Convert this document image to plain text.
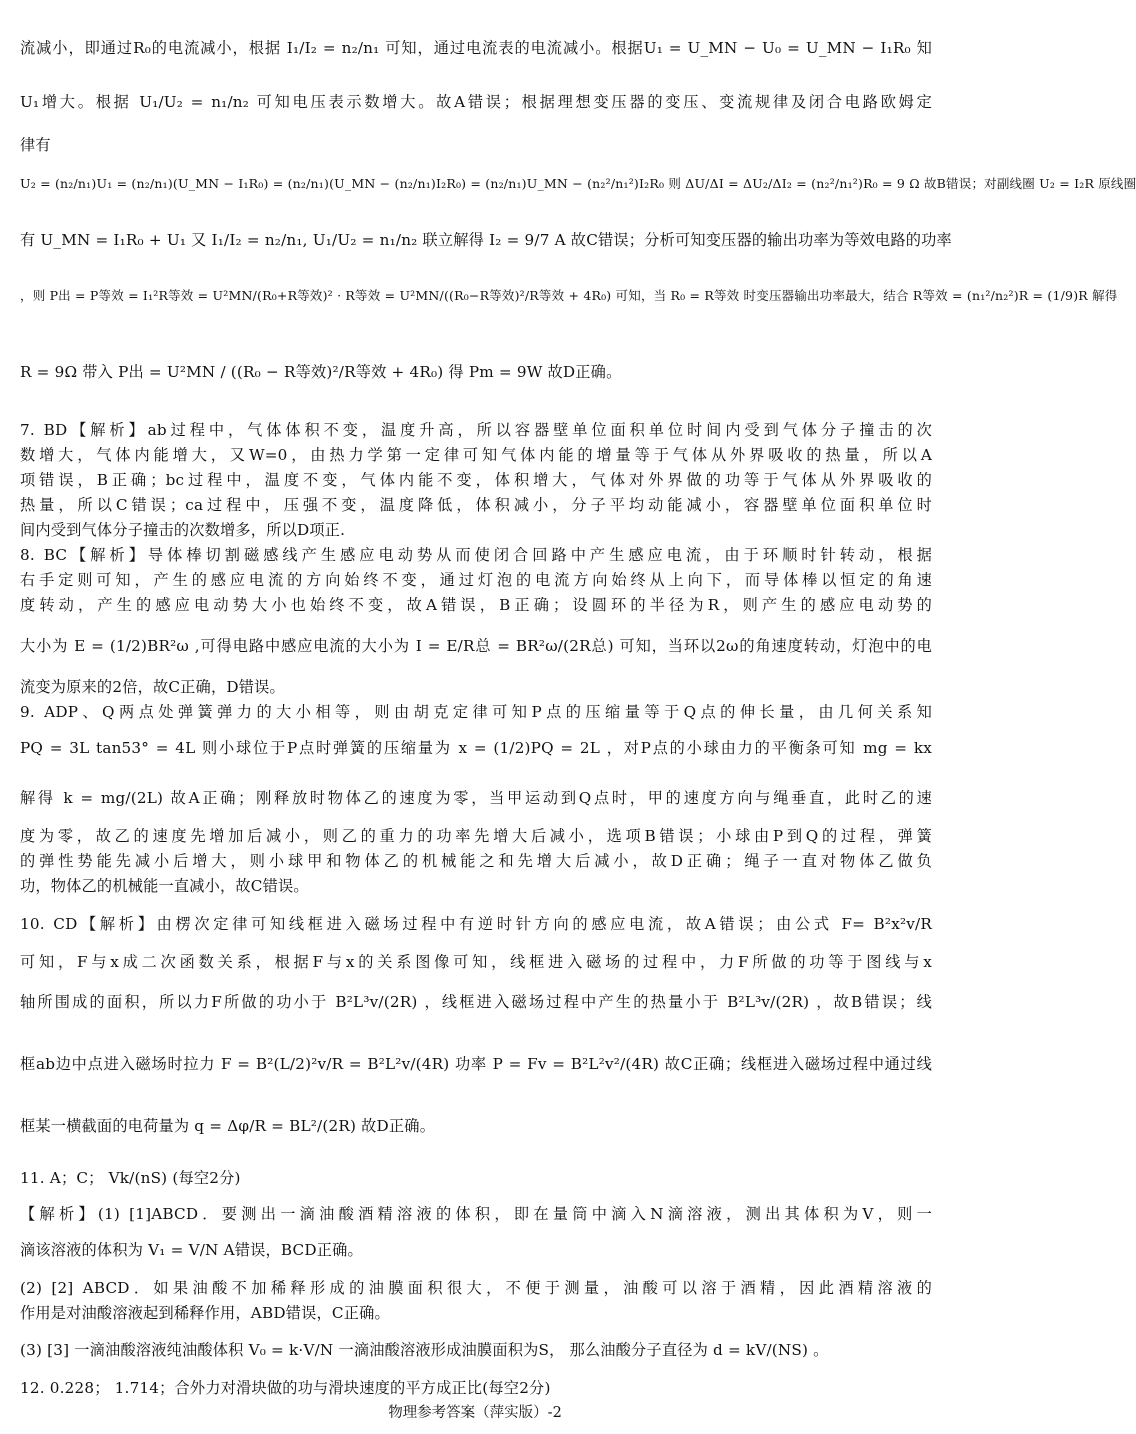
流减小，即通过R₀的电流减小，根据 I₁/I₂ = n₂/n₁ 可知，通过电流表的电流减小。根据U₁ = U_MN − U₀ = U_MN − I₁R₀ 知
U₁增大。根据 U₁/U₂ = n₁/n₂ 可知电压表示数增大。故A错误；根据理想变压器的变压、变流规律及闭合电路欧姆定
律有
U₂ = (n₂/n₁)U₁ = (n₂/n₁)(U_MN − I₁R₀) = (n₂/n₁)(U_MN − (n₂/n₁)I₂R₀) = (n₂/n₁)U_MN − (n₂²/n₁²)I₂R₀ 则 ΔU/ΔI = ΔU₂/ΔI₂ = (n₂²/n₁²)R₀ = 9 Ω 故B错误；对副线圈 U₂ = I₂R 原线圈
有 U_MN = I₁R₀ + U₁ 又 I₁/I₂ = n₂/n₁, U₁/U₂ = n₁/n₂ 联立解得 I₂ = 9/7 A 故C错误；分析可知变压器的输出功率为等效电路的功率
，则 P出 = P等效 = I₁²R等效 = U²MN/(R₀+R等效)² · R等效 = U²MN/((R₀−R等效)²/R等效 + 4R₀) 可知，当 R₀ = R等效 时变压器输出功率最大，结合 R等效 = (n₁²/n₂²)R = (1/9)R 解得
R = 9Ω 带入 P出 = U²MN / ((R₀ − R等效)²/R等效 + 4R₀) 得 Pm = 9W 故D正确。
7. BD【解析】ab过程中，气体体积不变，温度升高，所以容器壁单位面积单位时间内受到气体分子撞击的次
数增大，气体内能增大，又W=0，由热力学第一定律可知气体内能的增量等于气体从外界吸收的热量，所以A
项错误，B正确；bc过程中，温度不变，气体内能不变，体积增大，气体对外界做的功等于气体从外界吸收的
热量，所以C错误；ca过程中，压强不变，温度降低，体积减小，分子平均动能减小，容器壁单位面积单位时
间内受到气体分子撞击的次数增多，所以D项正.
8. BC【解析】导体棒切割磁感线产生感应电动势从而使闭合回路中产生感应电流，由于环顺时针转动，根据
右手定则可知，产生的感应电流的方向始终不变，通过灯泡的电流方向始终从上向下，而导体棒以恒定的角速
度转动，产生的感应电动势大小也始终不变，故A错误，B正确；设圆环的半径为R，则产生的感应电动势的
大小为 E = (1/2)BR²ω ,可得电路中感应电流的大小为 I = E/R总 = BR²ω/(2R总) 可知，当环以2ω的角速度转动，灯泡中的电
流变为原来的2倍，故C正确，D错误。
9. ADP、Q两点处弹簧弹力的大小相等，则由胡克定律可知P点的压缩量等于Q点的伸长量，由几何关系知
PQ = 3L tan53° = 4L 则小球位于P点时弹簧的压缩量为 x = (1/2)PQ = 2L ，对P点的小球由力的平衡条可知 mg = kx
解得 k = mg/(2L) 故A正确；刚释放时物体乙的速度为零，当甲运动到Q点时，甲的速度方向与绳垂直，此时乙的速
度为零，故乙的速度先增加后减小，则乙的重力的功率先增大后减小，选项B错误；小球由P到Q的过程，弹簧
的弹性势能先减小后增大，则小球甲和物体乙的机械能之和先增大后减小，故D正确；绳子一直对物体乙做负
功，物体乙的机械能一直减小，故C错误。
10. CD【解析】由楞次定律可知线框进入磁场过程中有逆时针方向的感应电流，故A错误；由公式 F= B²x²v/R
可知，F与x成二次函数关系，根据F与x的关系图像可知，线框进入磁场的过程中，力F所做的功等于图线与x
轴所围成的面积，所以力F所做的功小于 B²L³v/(2R) ，线框进入磁场过程中产生的热量小于 B²L³v/(2R) ，故B错误；线
框ab边中点进入磁场时拉力 F = B²(L/2)²v/R = B²L²v/(4R) 功率 P = Fv = B²L²v²/(4R) 故C正确；线框进入磁场过程中通过线
框某一横截面的电荷量为 q = Δφ/R = BL²/(2R) 故D正确。
11. A；C； Vk/(nS) (每空2分)
【解析】(1) [1]ABCD．要测出一滴油酸酒精溶液的体积，即在量筒中滴入N滴溶液，测出其体积为V，则一
滴该溶液的体积为 V₁ = V/N A错误，BCD正确。
(2) [2] ABCD．如果油酸不加稀释形成的油膜面积很大，不便于测量，油酸可以溶于酒精，因此酒精溶液的
作用是对油酸溶液起到稀释作用，ABD错误，C正确。
(3) [3] 一滴油酸溶液纯油酸体积 V₀ = k·V/N 一滴油酸溶液形成油膜面积为S， 那么油酸分子直径为 d = kV/(NS) 。
12. 0.228； 1.714；合外力对滑块做的功与滑块速度的平方成正比(每空2分)
物理参考答案（萍实版）-2
